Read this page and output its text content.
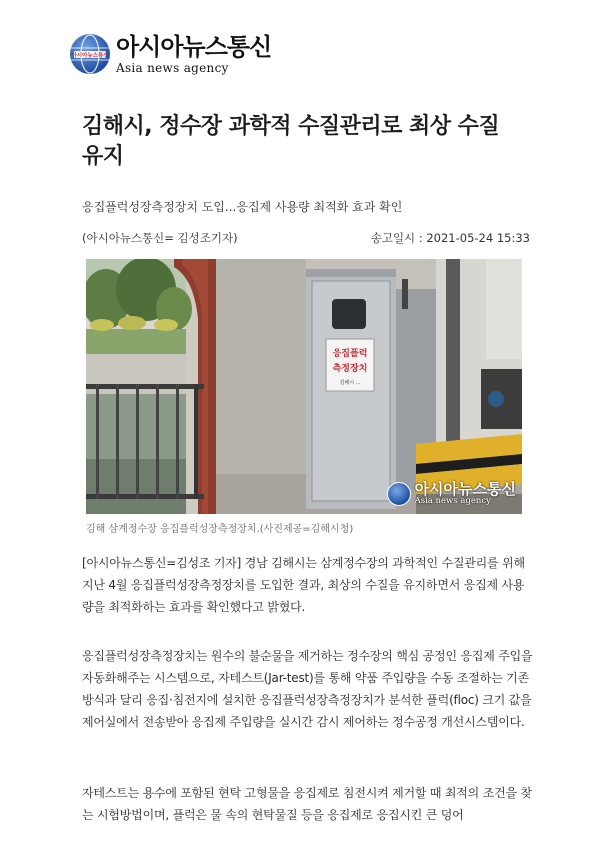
아시아뉴스통신 아시아뉴스통신
Asia news agency
김해시, 정수장 과학적 수질관리로 최상 수질 유지

응집플럭성장측정장치 도입...응집제 사용량 최적화 효과 확인

(아시아뉴스통신= 김성조기자)	송고일시 : 2021-05-24 15:33
응집플럭
측정장치
김해시 ...
아시아뉴스통신
Asia news agency
김해 삼계정수장 응집플럭성장측정장치.(사진제공=김해시청)

[아시아뉴스통신=김성조 기자] 경남 김해시는 삼계정수장의 과학적인 수질관리를 위해 지난 4월 응집플럭성장측정장치를 도입한 결과, 최상의 수질을 유지하면서 응집제 사용량을 최적화하는 효과를 확인했다고 밝혔다.

응집플럭성장측정장치는 원수의 불순물을 제거하는 정수장의 핵심 공정인 응집제 주입을 자동화해주는 시스템으로, 자테스트(Jar-test)를 통해 약품 주입량을 수동 조절하는 기존 방식과 달리 응집·침전지에 설치한 응집플럭성장측정장치가 분석한 플럭(floc) 크기 값을 제어실에서 전송받아 응집제 주입량을 실시간 감시 제어하는 정수공정 개선시스템이다.

자테스트는 용수에 포함된 현탁 고형물을 응집제로 침전시켜 제거할 때 최적의 조건을 찾는 시험방법이며, 플럭은 물 속의 현탁물질 등을 응집제로 응집시킨 큰 덩어
